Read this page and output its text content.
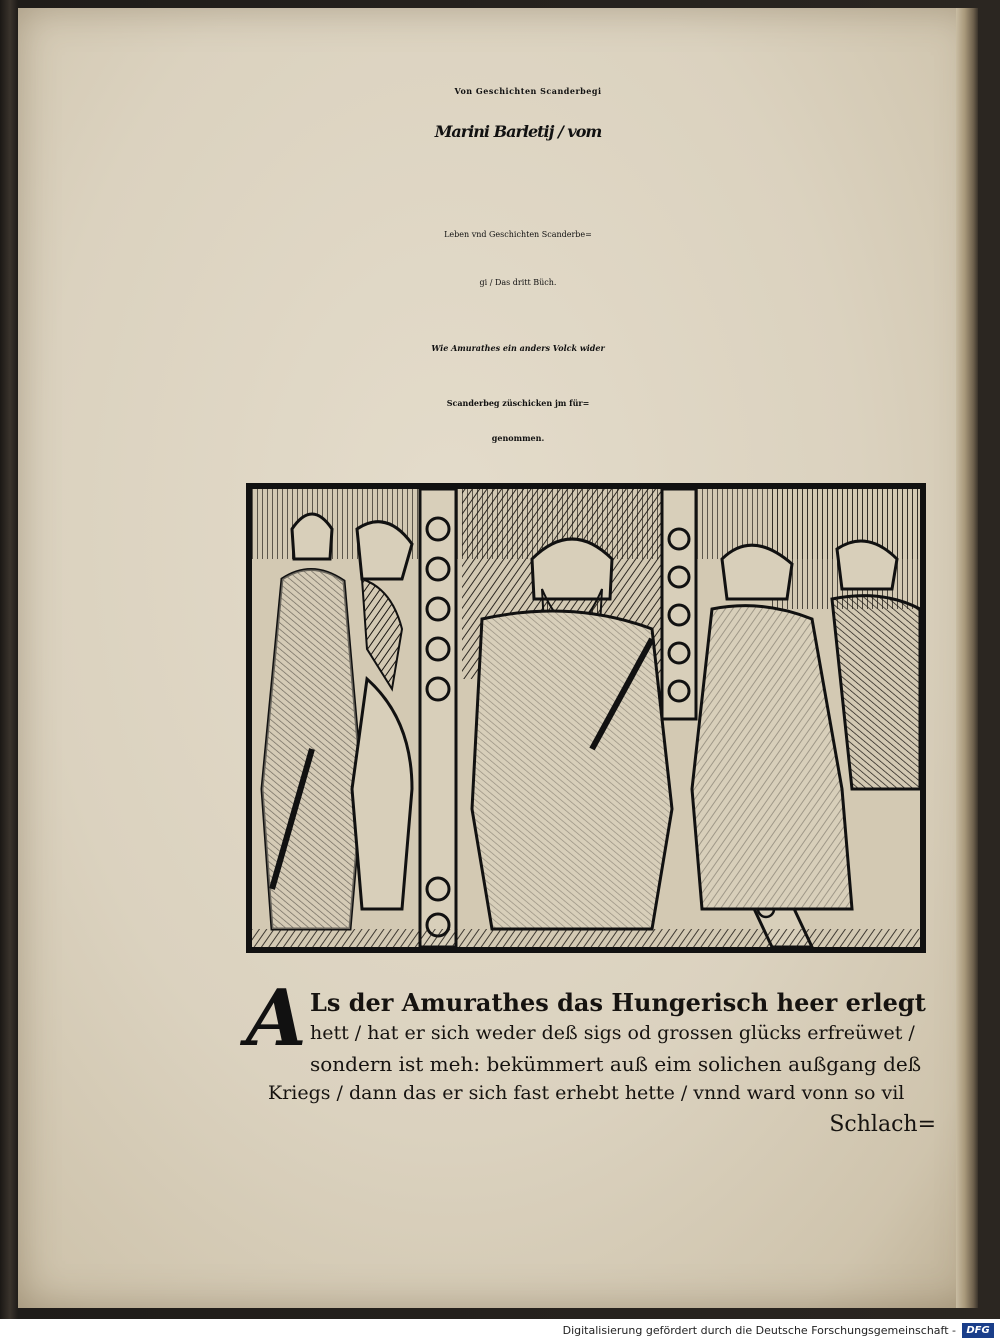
Von Geschichten Scanderbegi

Marini Barletij / vom

Leben vnd Geschichten Scanderbe=

gi / Das dritt Büch.

Wie Amurathes ein anders Volck wider

Scanderbeg züschicken jm für=

genommen.

A Ls der Amurathes das Hungerisch heer erlegt

hett / hat er sich weder deß sigs od grossen glücks erfreüwet /

sondern ist meh: bekümmert auß eim solichen außgang deß

Kriegs / dann das er sich fast erhebt hette / vnnd ward vonn so vil

Schlach=

Digitalisierung gefördert durch die Deutsche Forschungsgemeinschaft -	DFG
